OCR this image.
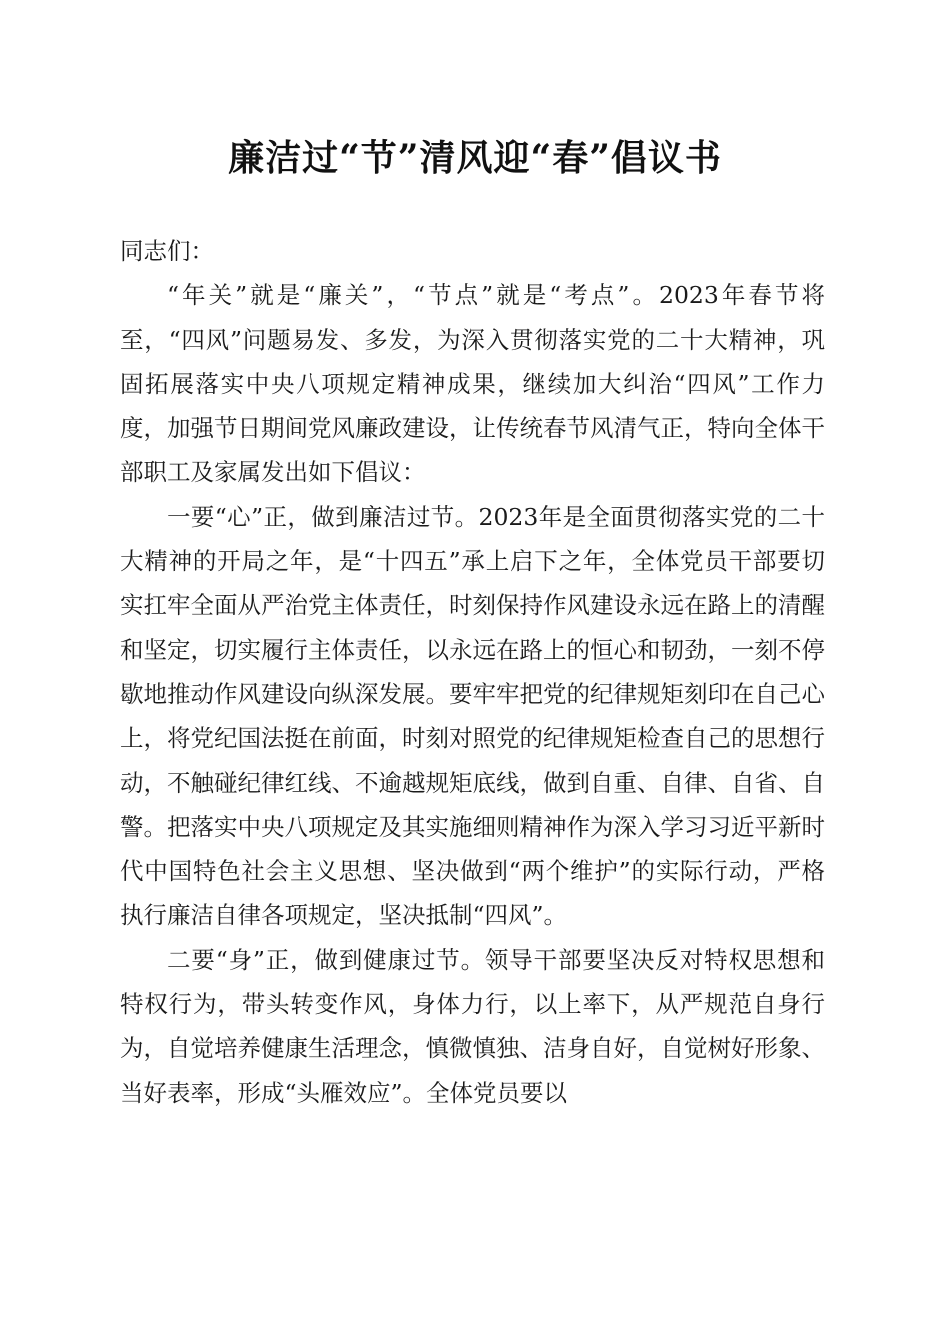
廉洁过“节”清风迎“春”倡议书

同志们：

“年关”就是“廉关”，“节点”就是“考点”。2023年春节将至，“四风”问题易发、多发，为深入贯彻落实党的二十大精神，巩固拓展落实中央八项规定精神成果，继续加大纠治“四风”工作力度，加强节日期间党风廉政建设，让传统春节风清气正，特向全体干部职工及家属发出如下倡议：

一要“心”正，做到廉洁过节。2023年是全面贯彻落实党的二十大精神的开局之年，是“十四五”承上启下之年，全体党员干部要切实扛牢全面从严治党主体责任，时刻保持作风建设永远在路上的清醒和坚定，切实履行主体责任，以永远在路上的恒心和韧劲，一刻不停歇地推动作风建设向纵深发展。要牢牢把党的纪律规矩刻印在自己心上，将党纪国法挺在前面，时刻对照党的纪律规矩检查自己的思想行动，不触碰纪律红线、不逾越规矩底线，做到自重、自律、自省、自警。把落实中央八项规定及其实施细则精神作为深入学习习近平新时代中国特色社会主义思想、坚决做到“两个维护”的实际行动，严格执行廉洁自律各项规定，坚决抵制“四风”。

二要“身”正，做到健康过节。领导干部要坚决反对特权思想和特权行为，带头转变作风，身体力行，以上率下，从严规范自身行为，自觉培养健康生活理念，慎微慎独、洁身自好，自觉树好形象、当好表率，形成“头雁效应”。全体党员要以
